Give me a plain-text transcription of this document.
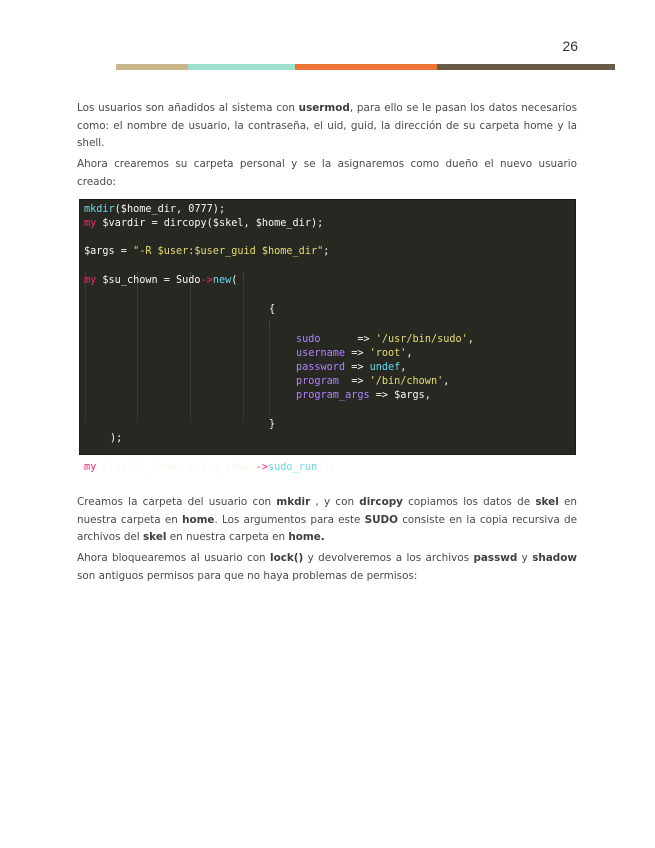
26

Los usuarios son añadidos al sistema con usermod, para ello se le pasan los datos necesarios como: el nombre de usuario, la contraseña, el uid, guid, la dirección de su carpeta home y la shell.

Ahora crearemos su carpeta personal y se la asignaremos como dueño el nuevo usuario creado:

mkdir($home_dir, 0777);
my $vardir = dircopy($skel, $home_dir);
$args = "-R $user:$user_guid $home_dir";
my $su_chown = Sudo->new(
{
sudo      => '/usr/bin/sudo',
username => 'root',
password => undef,
program  => '/bin/chown',
program_args => $args,
}
);
my $result_chown = $su_chown->sudo_run();

Creamos la carpeta del usuario con mkdir , y con dircopy copiamos los datos de skel en nuestra carpeta en home. Los argumentos para este SUDO consiste en la copia recursiva de archivos del skel en nuestra carpeta en home.

Ahora bloquearemos al usuario con lock() y devolveremos a los archivos passwd y shadow son antiguos permisos para que no haya problemas de permisos:
